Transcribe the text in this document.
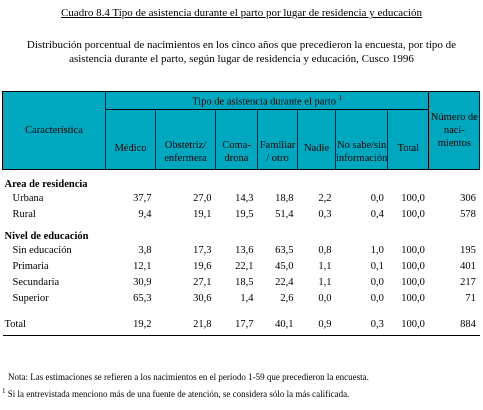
Cuadro 8.4 Tipo de asistencia durante el parto por lugar de residencia y educación
Distribución porcentual de nacimientos en los cinco años que precedieron la encuesta, por tipo de asistencia durante el parto, según lugar de residencia y educación, Cusco 1996
Característica	Tipo de asistencia durante el parto $^1$							Número de naci- mientos
	Médico	Obstetriz/ enfermera	Coma- drona	Familiar / otro	Nadie	No sabe/sin información	Total	

Area de residencia								
Urbana	37,7	27,0	14,3	18,8	2,2	0,0	100,0	306
Rural	9,4	19,1	19,5	51,4	0,3	0,4	100,0	578

Nivel de educación								
Sin educación	3,8	17,3	13,6	63,5	0,8	1,0	100,0	195
Primaria	12,1	19,6	22,1	45,0	1,1	0,1	100,0	401
Secundaria	30,9	27,1	18,5	22,4	1,1	0,0	100,0	217
Superior	65,3	30,6	1,4	2,6	0,0	0,0	100,0	71

Total	19,2	21,8	17,7	40,1	0,9	0,3	100,0	884
Nota: Las estimaciones se refieren a los nacimientos en el período 1-59 que precedieron la encuesta.
$^1$ Si la entrevistada menciono más de una fuente de atención, se considera sólo la más calificada.
